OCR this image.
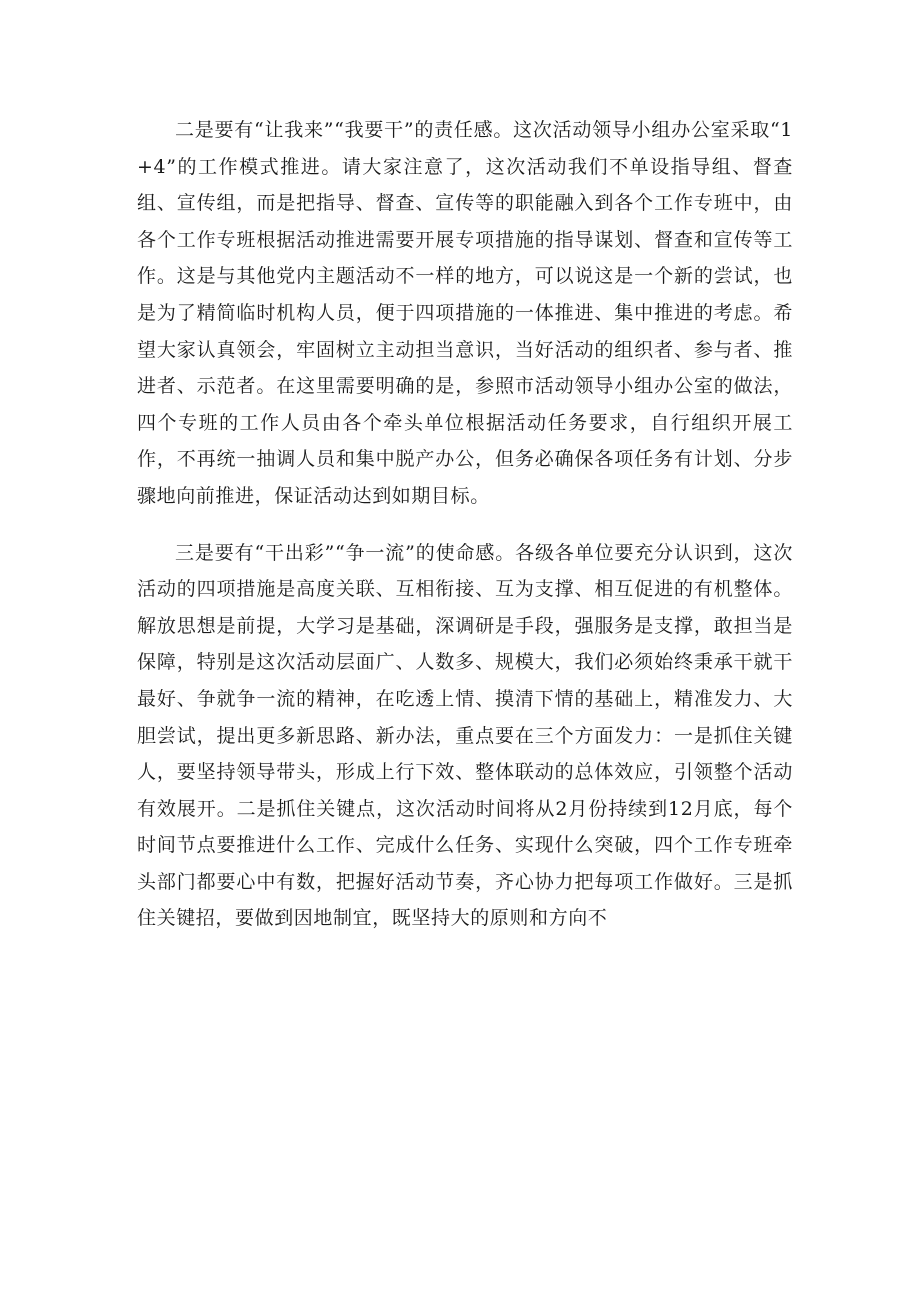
二是要有“让我来”“我要干”的责任感。这次活动领导小组办公室采取“1+4”的工作模式推进。请大家注意了，这次活动我们不单设指导组、督查组、宣传组，而是把指导、督查、宣传等的职能融入到各个工作专班中，由各个工作专班根据活动推进需要开展专项措施的指导谋划、督查和宣传等工作。这是与其他党内主题活动不一样的地方，可以说这是一个新的尝试，也是为了精简临时机构人员，便于四项措施的一体推进、集中推进的考虑。希望大家认真领会，牢固树立主动担当意识，当好活动的组织者、参与者、推进者、示范者。在这里需要明确的是，参照市活动领导小组办公室的做法，四个专班的工作人员由各个牵头单位根据活动任务要求，自行组织开展工作，不再统一抽调人员和集中脱产办公，但务必确保各项任务有计划、分步骤地向前推进，保证活动达到如期目标。

三是要有“干出彩”“争一流”的使命感。各级各单位要充分认识到，这次活动的四项措施是高度关联、互相衔接、互为支撑、相互促进的有机整体。解放思想是前提，大学习是基础，深调研是手段，强服务是支撑，敢担当是保障，特别是这次活动层面广、人数多、规模大，我们必须始终秉承干就干最好、争就争一流的精神，在吃透上情、摸清下情的基础上，精准发力、大胆尝试，提出更多新思路、新办法，重点要在三个方面发力：一是抓住关键人，要坚持领导带头，形成上行下效、整体联动的总体效应，引领整个活动有效展开。二是抓住关键点，这次活动时间将从2月份持续到12月底，每个时间节点要推进什么工作、完成什么任务、实现什么突破，四个工作专班牵头部门都要心中有数，把握好活动节奏，齐心协力把每项工作做好。三是抓住关键招，要做到因地制宜，既坚持大的原则和方向不
